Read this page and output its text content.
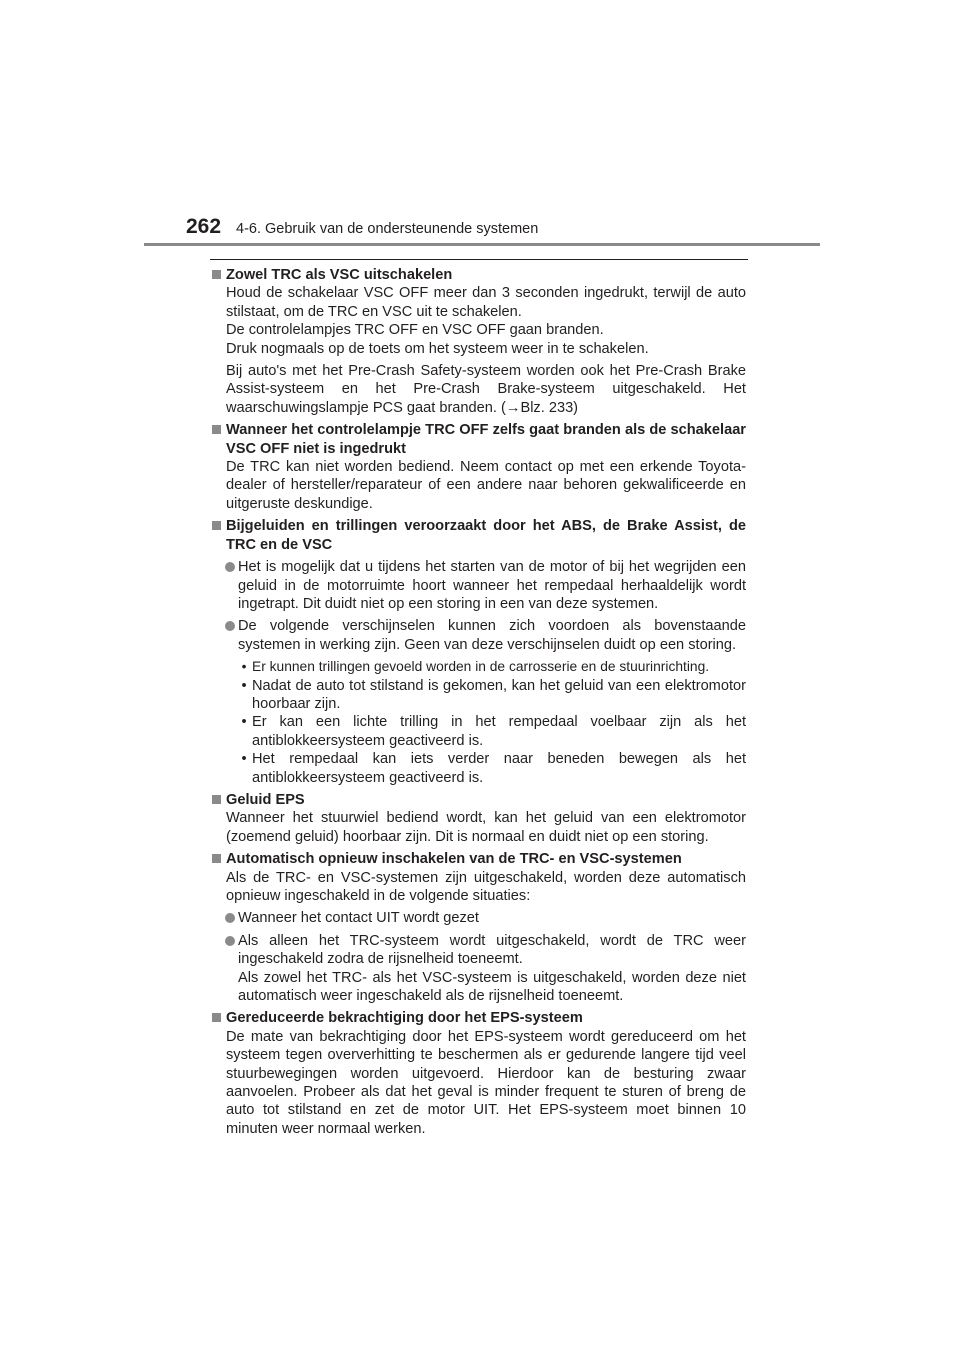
262 4-6. Gebruik van de ondersteunende systemen
Zowel TRC als VSC uitschakelen

Houd de schakelaar VSC OFF meer dan 3 seconden ingedrukt, terwijl de auto stilstaat, om de TRC en VSC uit te schakelen.

De controlelampjes TRC OFF en VSC OFF gaan branden.

Druk nogmaals op de toets om het systeem weer in te schakelen.

Bij auto's met het Pre-Crash Safety-systeem worden ook het Pre-Crash Brake Assist-systeem en het Pre-Crash Brake-systeem uitgeschakeld. Het waarschuwingslampje PCS gaat branden. (→Blz. 233)

Wanneer het controlelampje TRC OFF zelfs gaat branden als de schakelaar VSC OFF niet is ingedrukt

De TRC kan niet worden bediend. Neem contact op met een erkende Toyota-dealer of hersteller/reparateur of een andere naar behoren gekwalificeerde en uitgeruste deskundige.

Bijgeluiden en trillingen veroorzaakt door het ABS, de Brake Assist, de TRC en de VSC
Het is mogelijk dat u tijdens het starten van de motor of bij het wegrijden een geluid in de motorruimte hoort wanneer het rempedaal herhaaldelijk wordt ingetrapt. Dit duidt niet op een storing in een van deze systemen.
De volgende verschijnselen kunnen zich voordoen als bovenstaande systemen in werking zijn. Geen van deze verschijnselen duidt op een storing.
• Er kunnen trillingen gevoeld worden in de carrosserie en de stuurinrichting.
• Nadat de auto tot stilstand is gekomen, kan het geluid van een elektromotor hoorbaar zijn.
• Er kan een lichte trilling in het rempedaal voelbaar zijn als het antiblokkeersysteem geactiveerd is.
• Het rempedaal kan iets verder naar beneden bewegen als het antiblokkeersysteem geactiveerd is.
Geluid EPS

Wanneer het stuurwiel bediend wordt, kan het geluid van een elektromotor (zoemend geluid) hoorbaar zijn. Dit is normaal en duidt niet op een storing.

Automatisch opnieuw inschakelen van de TRC- en VSC-systemen

Als de TRC- en VSC-systemen zijn uitgeschakeld, worden deze automatisch opnieuw ingeschakeld in de volgende situaties:

Wanneer het contact UIT wordt gezet
Als alleen het TRC-systeem wordt uitgeschakeld, wordt de TRC weer ingeschakeld zodra de rijsnelheid toeneemt.
Als zowel het TRC- als het VSC-systeem is uitgeschakeld, worden deze niet automatisch weer ingeschakeld als de rijsnelheid toeneemt.
Gereduceerde bekrachtiging door het EPS-systeem

De mate van bekrachtiging door het EPS-systeem wordt gereduceerd om het systeem tegen oververhitting te beschermen als er gedurende langere tijd veel stuurbewegingen worden uitgevoerd. Hierdoor kan de besturing zwaar aanvoelen. Probeer als dat het geval is minder frequent te sturen of breng de auto tot stilstand en zet de motor UIT. Het EPS-systeem moet binnen 10 minuten weer normaal werken.
